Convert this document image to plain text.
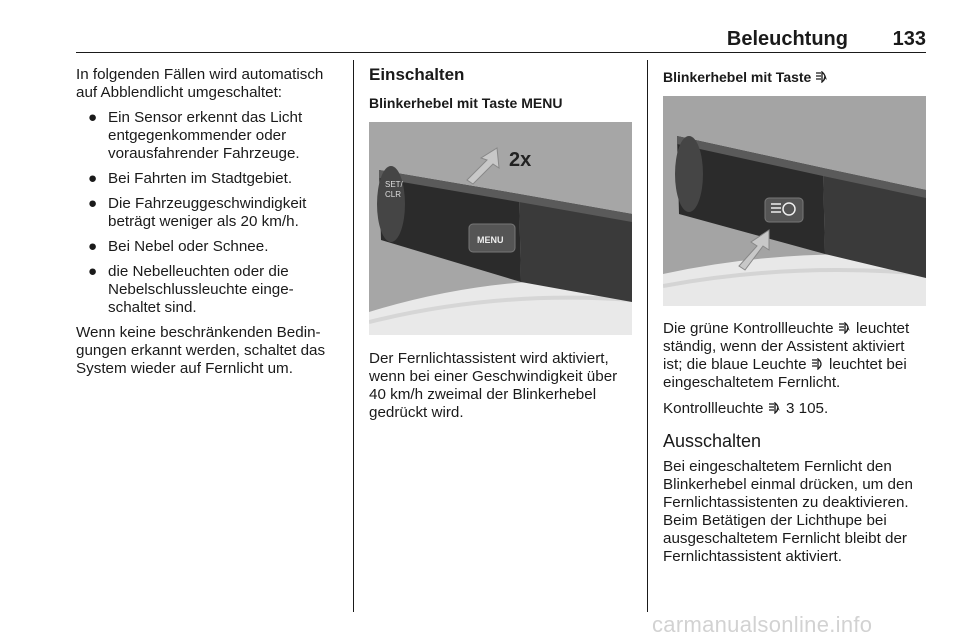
Beleuchtung	133

In folgenden Fällen wird automatisch auf Abblendlicht umgeschaltet:

● Ein Sensor erkennt das Licht entgegenkommender oder vorausfahrender Fahrzeuge.
● Bei Fahrten im Stadtgebiet.
● Die Fahrzeuggeschwindigkeit beträgt weniger als 20 km/h.
● Bei Nebel oder Schnee.
● die Nebelleuchten oder die Nebelschlussleuchte einge-schaltet sind.

Wenn keine beschränkenden Bedin-gungen erkannt werden, schaltet das System wieder auf Fernlicht um.

Einschalten
Blinkerhebel mit Taste MENU
SET/
CLR
MENU
2x

Der Fernlichtassistent wird aktiviert, wenn bei einer Geschwindigkeit über 40 km/h zweimal der Blinkerhebel gedrückt wird.

Blinkerhebel mit Taste A

Die grüne Kontrollleuchte	A leuchtet ständig, wenn der Assistent aktiviert ist; die blaue Leuchte leuchtet bei eingeschaltetem Fernlicht.

Kontrollleuchte	A 3 105.

Ausschalten

Bei eingeschaltetem Fernlicht den Blinkerhebel einmal drücken, um den Fernlichtassistenten zu deaktivieren. Beim Betätigen der Lichthupe bei ausgeschaltetem Fernlicht bleibt der Fernlichtassistent aktiviert.

carmanualsonline.info
